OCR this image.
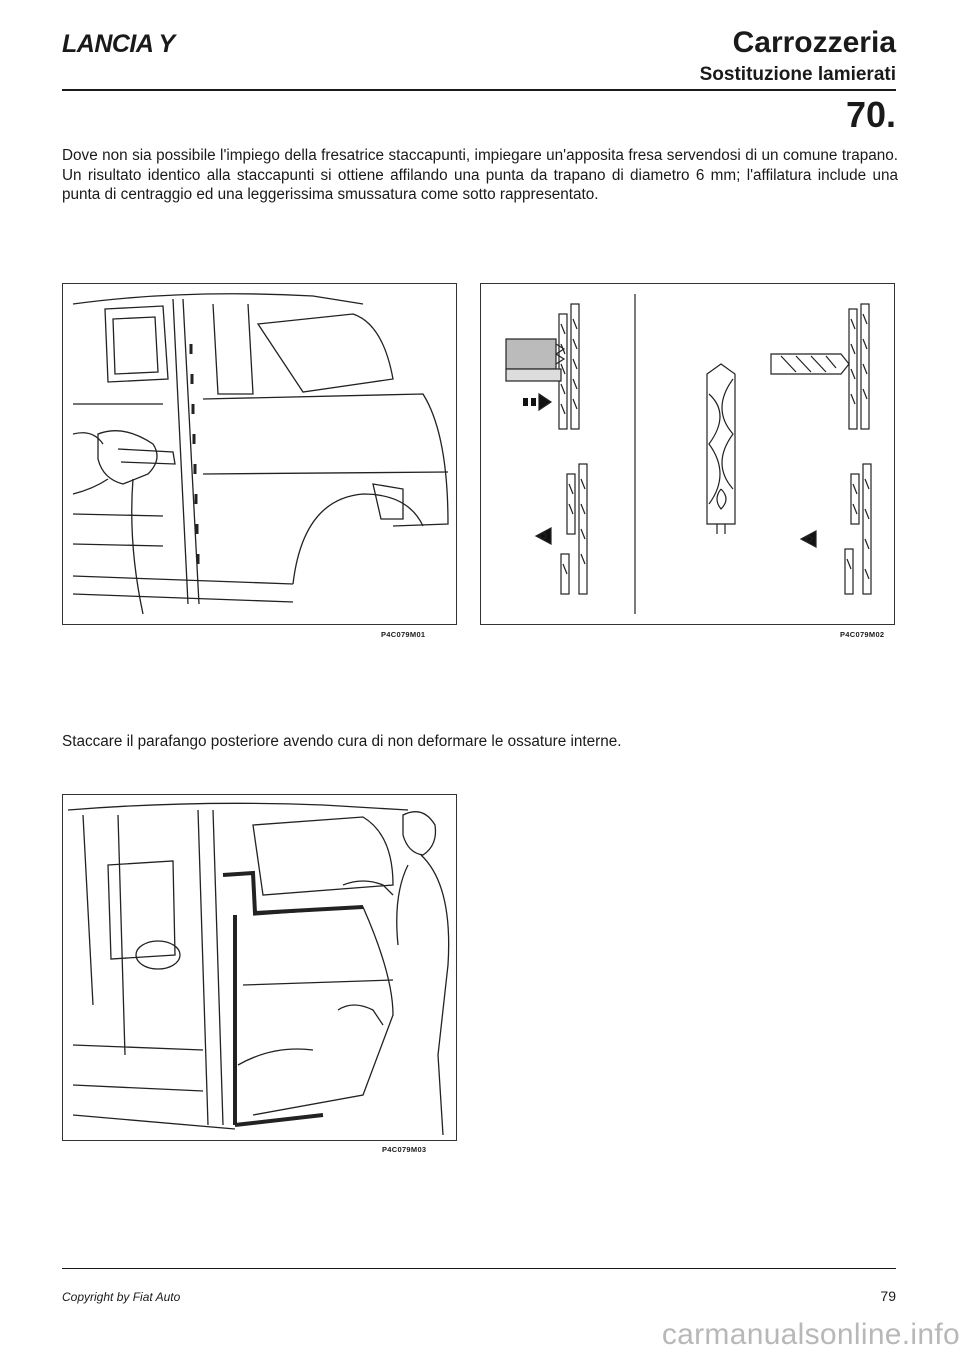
LANCIA Y	Carrozzeria
Sostituzione lamierati
70.
Dove non sia possibile l'impiego della fresatrice staccapunti, impiegare un'apposita fresa servendosi di un comune trapano. Un risultato identico alla staccapunti si ottiene affilando una punta da trapano di diametro 6 mm; l'affilatura include una punta di centraggio ed una leggerissima smussatura come sotto rappresentato.
P4C079M01	P4C079M02
Staccare il parafango posteriore avendo cura di non deformare le ossature interne.
P4C079M03
Copyright by Fiat Auto	79
carmanualsonline.info
